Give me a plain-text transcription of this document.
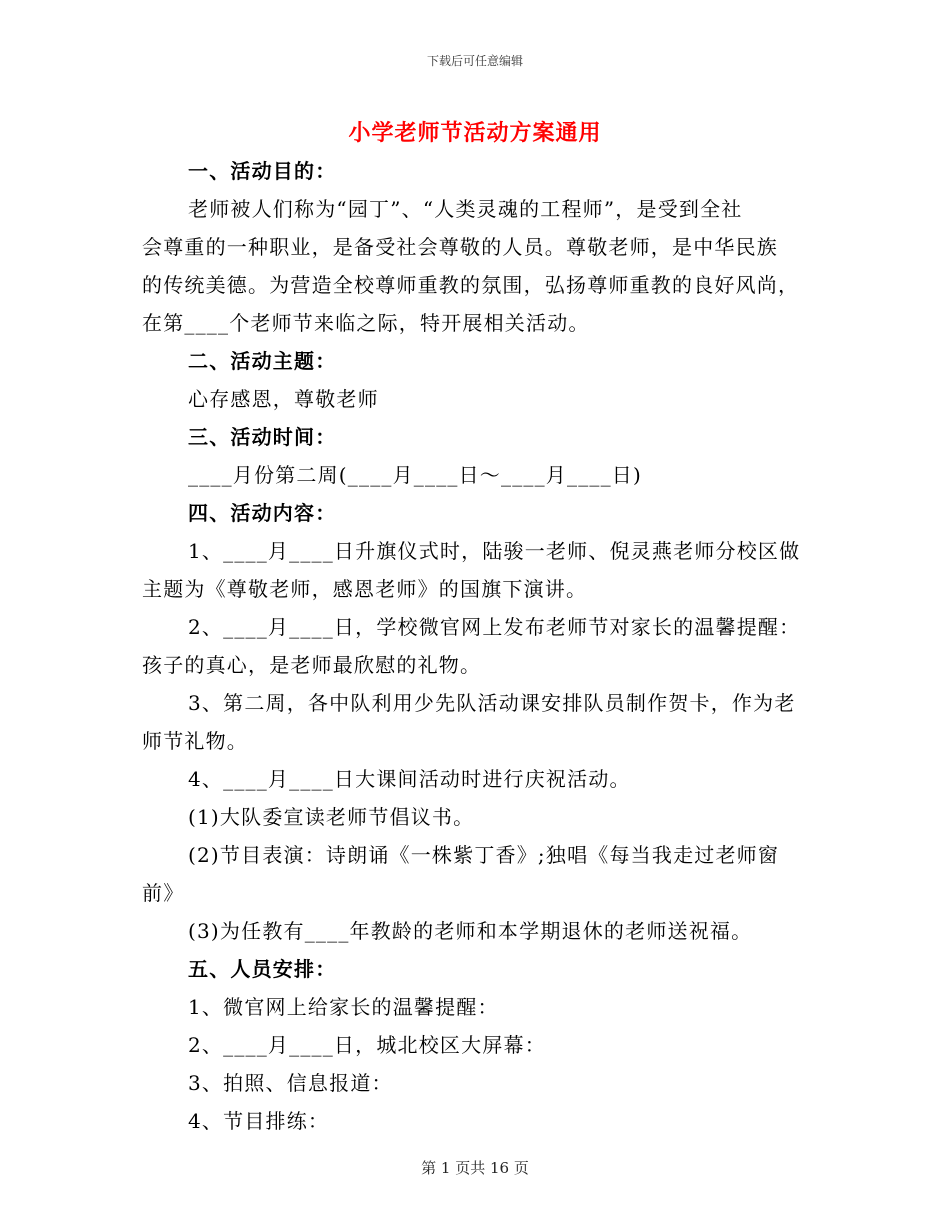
下载后可任意编辑
小学老师节活动方案通用
一、活动目的：
老师被人们称为“园丁”、“人类灵魂的工程师”，是受到全社
会尊重的一种职业，是备受社会尊敬的人员。尊敬老师，是中华民族
的传统美德。为营造全校尊师重教的氛围，弘扬尊师重教的良好风尚，
在第____个老师节来临之际，特开展相关活动。
二、活动主题：
心存感恩，尊敬老师
三、活动时间：
____月份第二周(____月____日～____月____日)
四、活动内容：
1、____月____日升旗仪式时，陆骏一老师、倪灵燕老师分校区做
主题为《尊敬老师，感恩老师》的国旗下演讲。
2、____月____日，学校微官网上发布老师节对家长的温馨提醒：
孩子的真心，是老师最欣慰的礼物。
3、第二周，各中队利用少先队活动课安排队员制作贺卡，作为老
师节礼物。
4、____月____日大课间活动时进行庆祝活动。
(1)大队委宣读老师节倡议书。
(2)节目表演：诗朗诵《一株紫丁香》;独唱《每当我走过老师窗
前》
(3)为任教有____年教龄的老师和本学期退休的老师送祝福。
五、人员安排：
1、微官网上给家长的温馨提醒：
2、____月____日，城北校区大屏幕：
3、拍照、信息报道：
4、节目排练：
第 1 页共 16 页
